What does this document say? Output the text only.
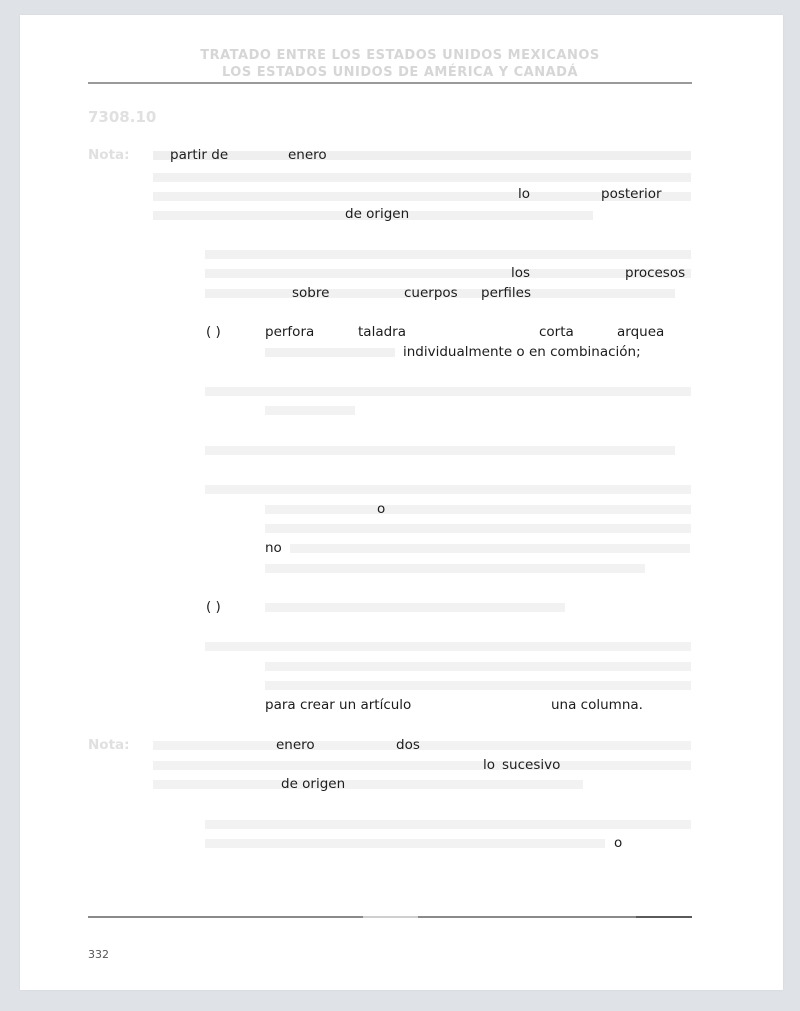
TRATADO ENTRE LOS ESTADOS UNIDOS MEXICANOS
LOS ESTADOS UNIDOS DE AMÉRICA Y CANADÁ
7308.10
Nota:
Nota:
partir de	enero
lo	posterior
de origen
los	procesos
sobre	cuerpos perfiles
( )	perfora	taladra	corta	arquea
individualmente o en combinación;
o
no
( )
para crear un artículo	una columna.
enero	dos
lo sucesivo
de origen
o
332
